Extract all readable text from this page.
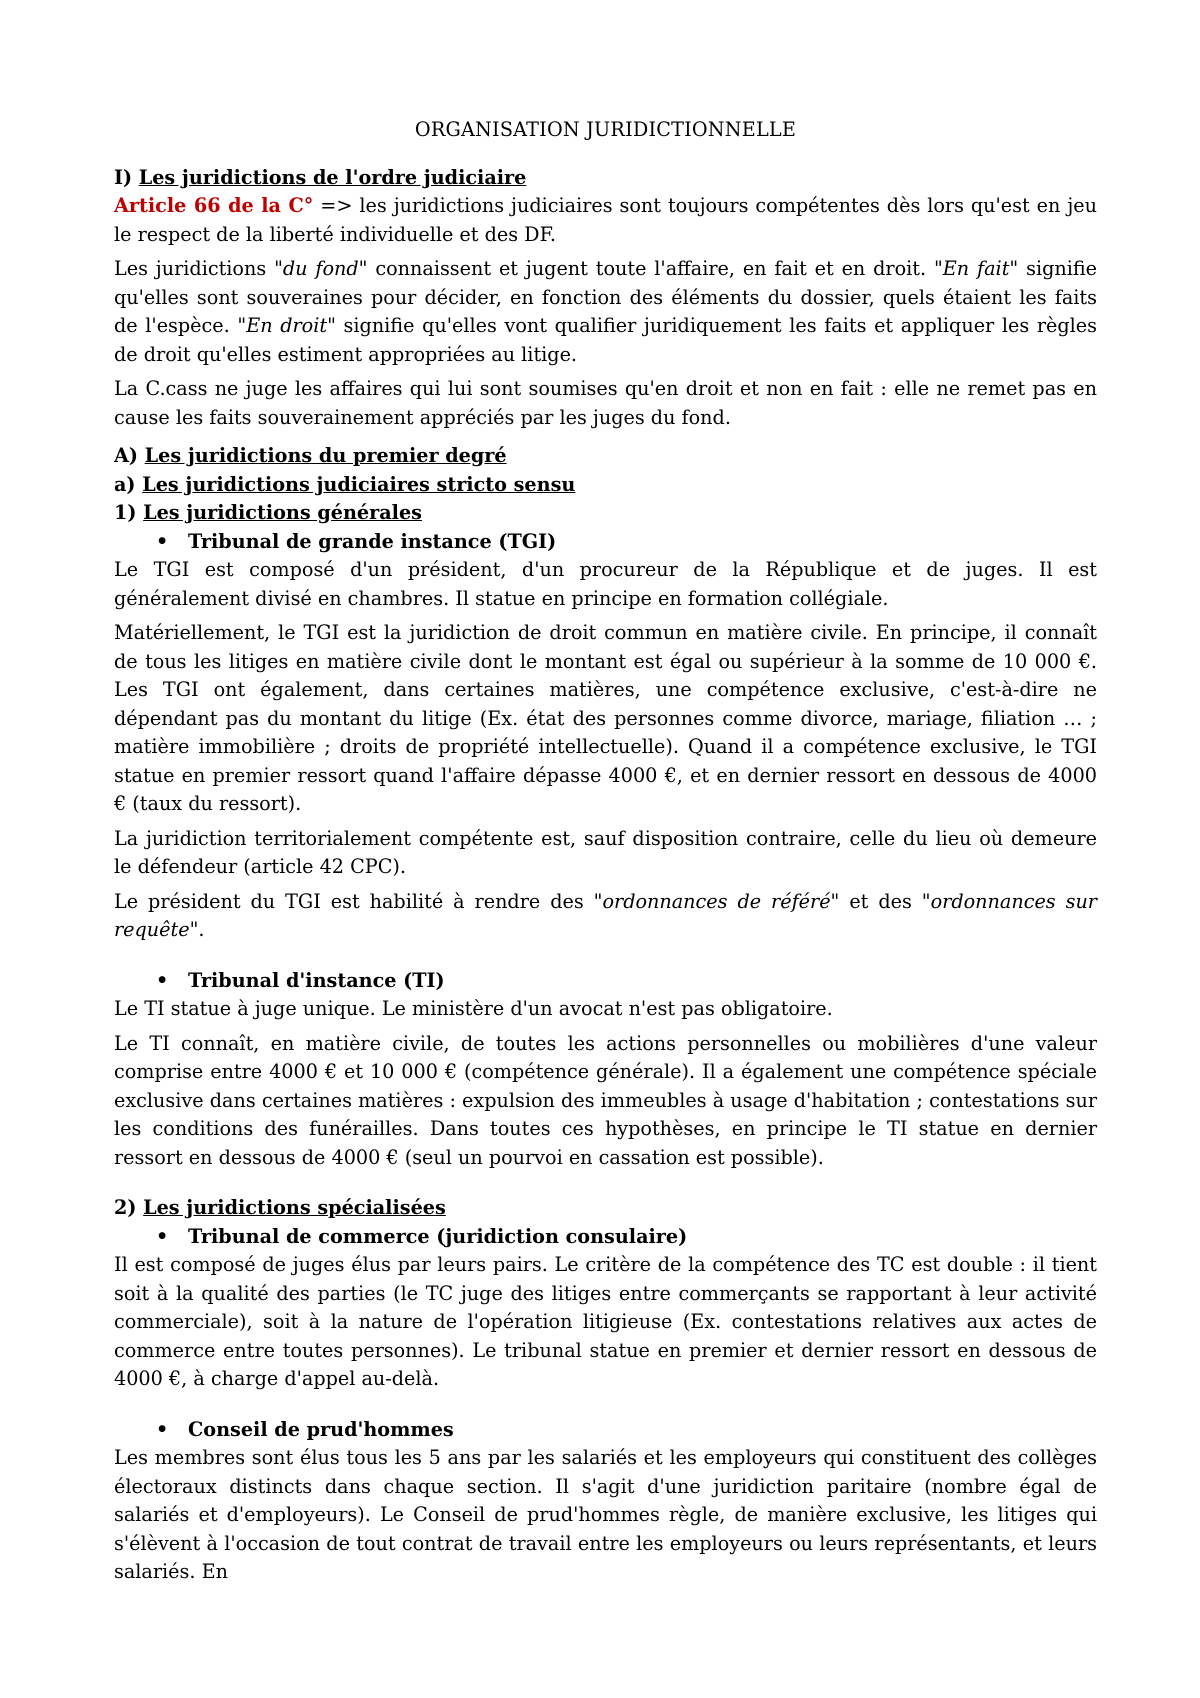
ORGANISATION JURIDICTIONNELLE
I) Les juridictions de l'ordre judiciaire

Article 66 de la C° => les juridictions judiciaires sont toujours compétentes dès lors qu'est en jeu le respect de la liberté individuelle et des DF.

Les juridictions "du fond" connaissent et jugent toute l'affaire, en fait et en droit. "En fait" signifie qu'elles sont souveraines pour décider, en fonction des éléments du dossier, quels étaient les faits de l'espèce. "En droit" signifie qu'elles vont qualifier juridiquement les faits et appliquer les règles de droit qu'elles estiment appropriées au litige.

La C.cass ne juge les affaires qui lui sont soumises qu'en droit et non en fait : elle ne remet pas en cause les faits souverainement appréciés par les juges du fond.

A) Les juridictions du premier degré
a) Les juridictions judiciaires stricto sensu
1) Les juridictions générales
• Tribunal de grande instance (TGI)

Le TGI est composé d'un président, d'un procureur de la République et de juges. Il est généralement divisé en chambres. Il statue en principe en formation collégiale.

Matériellement, le TGI est la juridiction de droit commun en matière civile. En principe, il connaît de tous les litiges en matière civile dont le montant est égal ou supérieur à la somme de 10 000 €. Les TGI ont également, dans certaines matières, une compétence exclusive, c'est-à-dire ne dépendant pas du montant du litige (Ex. état des personnes comme divorce, mariage, filiation … ; matière immobilière ; droits de propriété intellectuelle). Quand il a compétence exclusive, le TGI statue en premier ressort quand l'affaire dépasse 4000 €, et en dernier ressort en dessous de 4000 € (taux du ressort).

La juridiction territorialement compétente est, sauf disposition contraire, celle du lieu où demeure le défendeur (article 42 CPC).

Le président du TGI est habilité à rendre des "ordonnances de référé" et des "ordonnances sur requête".

• Tribunal d'instance (TI)

Le TI statue à juge unique. Le ministère d'un avocat n'est pas obligatoire.

Le TI connaît, en matière civile, de toutes les actions personnelles ou mobilières d'une valeur comprise entre 4000 € et 10 000 € (compétence générale). Il a également une compétence spéciale exclusive dans certaines matières : expulsion des immeubles à usage d'habitation ; contestations sur les conditions des funérailles. Dans toutes ces hypothèses, en principe le TI statue en dernier ressort en dessous de 4000 € (seul un pourvoi en cassation est possible).

2) Les juridictions spécialisées
• Tribunal de commerce (juridiction consulaire)

Il est composé de juges élus par leurs pairs. Le critère de la compétence des TC est double : il tient soit à la qualité des parties (le TC juge des litiges entre commerçants se rapportant à leur activité commerciale), soit à la nature de l'opération litigieuse (Ex. contestations relatives aux actes de commerce entre toutes personnes). Le tribunal statue en premier et dernier ressort en dessous de 4000 €, à charge d'appel au-delà.

• Conseil de prud'hommes

Les membres sont élus tous les 5 ans par les salariés et les employeurs qui constituent des collèges électoraux distincts dans chaque section. Il s'agit d'une juridiction paritaire (nombre égal de salariés et d'employeurs). Le Conseil de prud'hommes règle, de manière exclusive, les litiges qui s'élèvent à l'occasion de tout contrat de travail entre les employeurs ou leurs représentants, et leurs salariés. En
